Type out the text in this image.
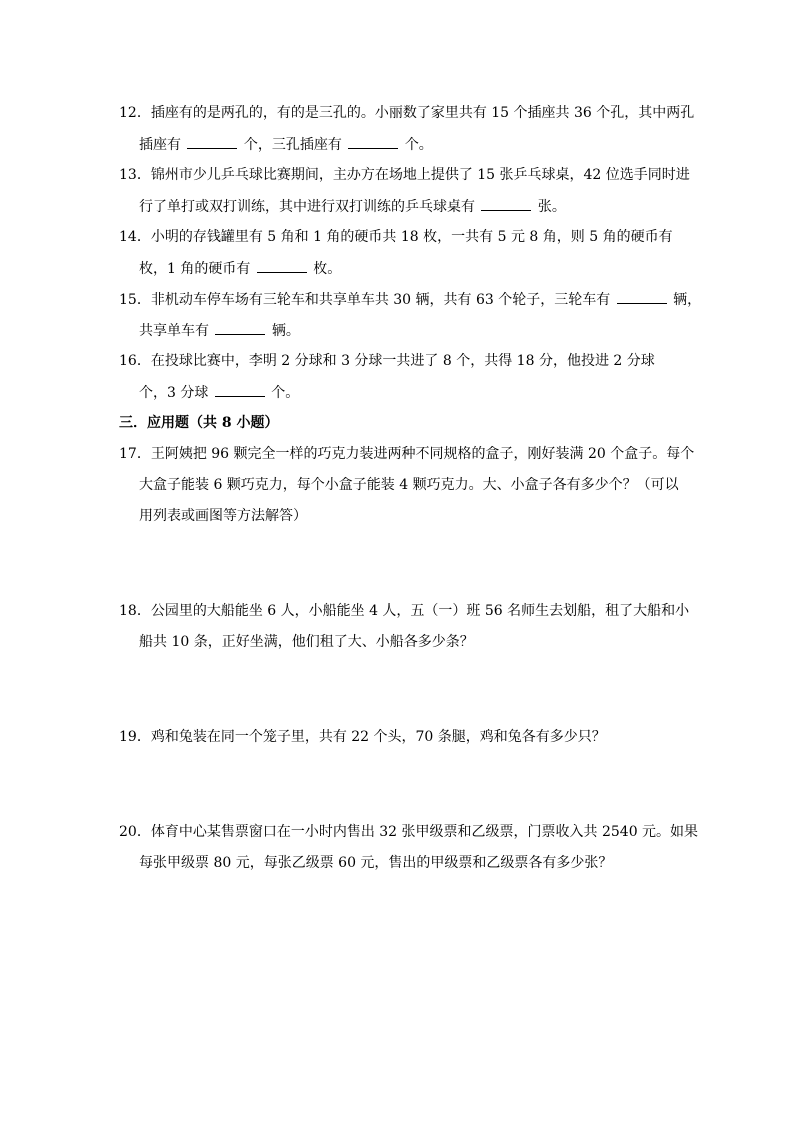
12．插座有的是两孔的，有的是三孔的。小丽数了家里共有 15 个插座共 36 个孔，其中两孔
插座有	个，三孔插座有	个。
13．锦州市少儿乒乓球比赛期间，主办方在场地上提供了 15 张乒乓球桌，42 位选手同时进
行了单打或双打训练，其中进行双打训练的乒乓球桌有	张。
14．小明的存钱罐里有 5 角和 1 角的硬币共 18 枚，一共有 5 元 8 角，则 5 角的硬币有
枚，1 角的硬币有	枚。
15．非机动车停车场有三轮车和共享单车共 30 辆，共有 63 个轮子，三轮车有	辆，
共享单车有	辆。
16．在投球比赛中，李明 2 分球和 3 分球一共进了 8 个，共得 18 分，他投进 2 分球
个，3 分球	个。
三．应用题（共 8 小题）
17．王阿姨把 96 颗完全一样的巧克力装进两种不同规格的盒子，刚好装满 20 个盒子。每个
大盒子能装 6 颗巧克力，每个小盒子能装 4 颗巧克力。大、小盒子各有多少个？（可以
用列表或画图等方法解答）
18．公园里的大船能坐 6 人，小船能坐 4 人，五（一）班 56 名师生去划船，租了大船和小
船共 10 条，正好坐满，他们租了大、小船各多少条？
19．鸡和兔装在同一个笼子里，共有 22 个头，70 条腿，鸡和兔各有多少只？
20．体育中心某售票窗口在一小时内售出 32 张甲级票和乙级票，门票收入共 2540 元。如果
每张甲级票 80 元，每张乙级票 60 元，售出的甲级票和乙级票各有多少张？
